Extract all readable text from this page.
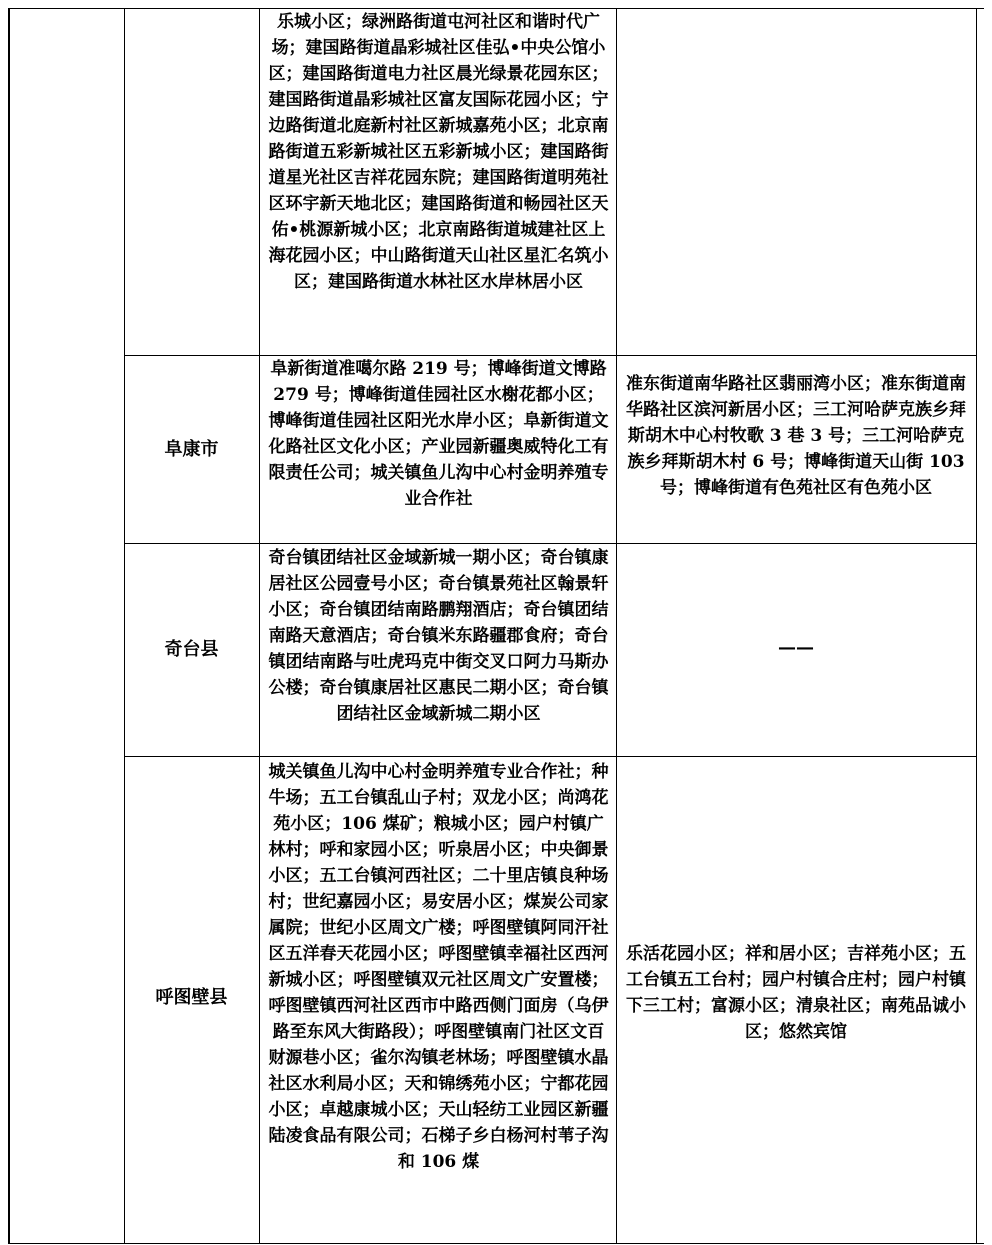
乐城小区；绿洲路街道屯河社区和谐时代广场；建国路街道晶彩城社区佳弘•中央公馆小区；建国路街道电力社区晨光绿景花园东区；建国路街道晶彩城社区富友国际花园小区；宁边路街道北庭新村社区新城嘉苑小区；北京南路街道五彩新城社区五彩新城小区；建国路街道星光社区吉祥花园东院；建国路街道明苑社区环宇新天地北区；建国路街道和畅园社区天佑•桃源新城小区；北京南路街道城建社区上海花园小区；中山路街道天山社区星汇名筑小区；建国路街道水林社区水岸林居小区
阜康市
阜新街道准噶尔路 219 号；博峰街道文博路 279 号；博峰街道佳园社区水榭花都小区；博峰街道佳园社区阳光水岸小区；阜新街道文化路社区文化小区；产业园新疆奥威特化工有限责任公司；城关镇鱼儿沟中心村金明养殖专业合作社
准东街道南华路社区翡丽湾小区；准东街道南华路社区滨河新居小区；三工河哈萨克族乡拜斯胡木中心村牧歌 3 巷 3 号；三工河哈萨克族乡拜斯胡木村 6 号；博峰街道天山街 103 号；博峰街道有色苑社区有色苑小区
奇台县
奇台镇团结社区金域新城一期小区；奇台镇康居社区公园壹号小区；奇台镇景苑社区翰景轩小区；奇台镇团结南路鹏翔酒店；奇台镇团结南路天意酒店；奇台镇米东路疆郡食府；奇台镇团结南路与吐虎玛克中街交叉口阿力马斯办公楼；奇台镇康居社区惠民二期小区；奇台镇团结社区金域新城二期小区
——
呼图壁县
城关镇鱼儿沟中心村金明养殖专业合作社；种牛场；五工台镇乱山子村；双龙小区；尚鸿花苑小区；106 煤矿；粮城小区；园户村镇广林村；呼和家园小区；听泉居小区；中央御景小区；五工台镇河西社区；二十里店镇良种场村；世纪嘉园小区；易安居小区；煤炭公司家属院；世纪小区周文广楼；呼图壁镇阿同汗社区五洋春天花园小区；呼图壁镇幸福社区西河新城小区；呼图壁镇双元社区周文广安置楼；呼图壁镇西河社区西市中路西侧门面房（乌伊路至东风大街路段）；呼图壁镇南门社区文百财源巷小区；雀尔沟镇老林场；呼图壁镇水晶社区水利局小区；天和锦绣苑小区；宁都花园小区；卓越康城小区；天山轻纺工业园区新疆陆凌食品有限公司；石梯子乡白杨河村苇子沟和 106 煤
乐活花园小区；祥和居小区；吉祥苑小区；五工台镇五工台村；园户村镇合庄村；园户村镇下三工村；富源小区；清泉社区；南苑品诚小区；悠然宾馆
